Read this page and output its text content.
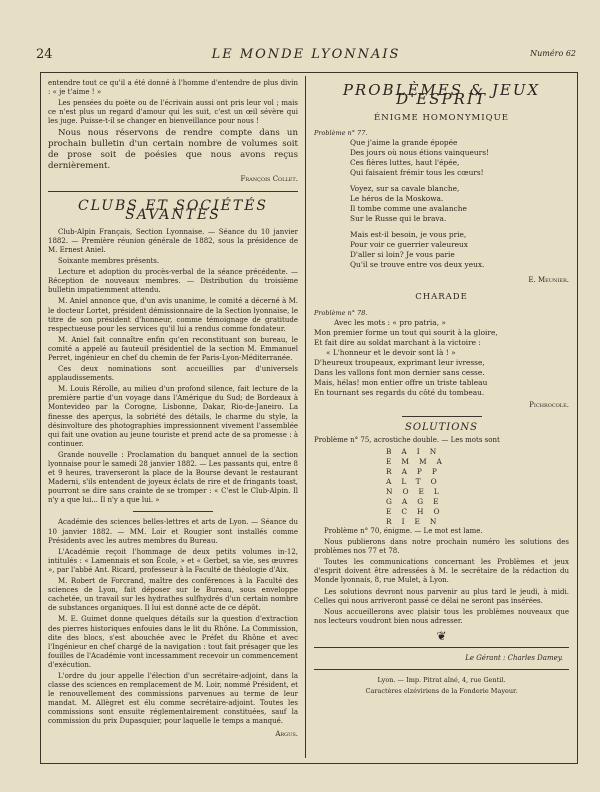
24	LE MONDE LYONNAIS	Numéro 62

entendre tout ce qu'il a été donné à l'homme d'entendre de plus divin : « je t'aime ! »

Les pensées du poète ou de l'écrivain aussi ont pris leur vol ; mais ce n'est plus un regard d'amour qui les suit, c'est un œil sévère qui les juge. Puisse-t-il se changer en bienveillance pour nous !

Nous nous réservons de rendre compte dans un prochain bulletin d'un certain nombre de volumes soit de prose soit de poésies que nous avons reçus dernièrement.

François Collet.
CLUBS ET SOCIÉTÉS SAVANTES

Club-Alpin Français, Section Lyonnaise. — Séance du 10 janvier 1882. — Première réunion générale de 1882, sous la présidence de M. Ernest Aniel.

Soixante membres présents.

Lecture et adoption du procès-verbal de la séance précédente. — Réception de nouveaux membres. — Distribution du troisième bulletin impatiemment attendu.

M. Aniel annonce que, d'un avis unanime, le comité a décerné à M. le docteur Lortet, président démissionnaire de la Section lyonnaise, le titre de son président d'honneur, comme témoignage de gratitude respectueuse pour les services qu'il lui a rendus comme fondateur.

M. Aniel fait connaître enfin qu'en reconstituant son bureau, le comité a appelé au fauteuil présidentiel de la section M. Emmanuel Perret, ingénieur en chef du chemin de fer Paris-Lyon-Méditerranée.

Ces deux nominations sont accueillies par d'universels applaudissements.

M. Louis Rérolle, au milieu d'un profond silence, fait lecture de la première partie d'un voyage dans l'Amérique du Sud; de Bordeaux à Montevideo par la Corogne, Lisbonne, Dakar, Rio-de-Janeiro. La finesse des aperçus, la sobriété des détails, le charme du style, la désinvolture des photographies impressionnent vivement l'assemblée qui fait une ovation au jeune touriste et prend acte de sa promesse : à continuer.

Grande nouvelle : Proclamation du banquet annuel de la section lyonnaise pour le samedi 28 janvier 1882. — Les passants qui, entre 8 et 9 heures, traverseront la place de la Bourse devant le restaurant Maderni, s'ils entendent de joyeux éclats de rire et de fringants toast, pourront se dire sans crainte de se tromper : « C'est le Club-Alpin. Il n'y a que lui... Il n'y a que lui. »

Académie des sciences belles-lettres et arts de Lyon. — Séance du 10 janvier 1882. — MM. Loir et Rougier sont installés comme Présidents avec les autres membres du Bureau.

L'Académie reçoit l'hommage de deux petits volumes in-12, intitulés : « Lamennais et son École, » et « Gerbet, sa vie, ses œuvres », par l'abbé Ant. Ricard, professeur à la Faculté de théologie d'Aix.

M. Robert de Forcrand, maître des conférences à la Faculté des sciences de Lyon, fait déposer sur le Bureau, sous enveloppe cachetée, un travail sur les hydrathes sulfhydrés d'un certain nombre de substances organiques. Il lui est donné acte de ce dépôt.

M. E. Guimet donne quelques détails sur la question d'extraction des pierres historiques enfouies dans le lit du Rhône. La Commission, dite des blocs, s'est abouchée avec le Préfet du Rhône et avec l'Ingénieur en chef chargé de la navigation : tout fait présager que les fouilles de l'Académie vont incessamment recevoir un commencement d'exécution.

L'ordre du jour appelle l'élection d'un secrétaire-adjoint, dans la classe des sciences en remplacement de M. Loir, nommé Président, et le renouvellement des commissions parvenues au terme de leur mandat. M. Allègret est élu comme secrétaire-adjoint. Toutes les commissions sont ensuite réglementairement constituées, sauf la commission du prix Dupasquier, pour laquelle le temps a manqué.

Argus.
PROBLÈMES & JEUX D'ESPRIT
ÉNIGME HOMONYMIQUE
Problème n° 77.
Que j'aime la grande épopée
Des jours où nous étions vainqueurs!
Ces fières luttes, haut l'épée,
Qui faisaient frémir tous les cœurs!
Voyez, sur sa cavale blanche,
Le héros de la Moskowa.
Il tombe comme une avalanche
Sur le Russe qui le brava.
Mais est-il besoin, je vous prie,
Pour voir ce guerrier valeureux
D'aller si loin? Je vous parie
Qu'il se trouve entre vos deux yeux.
E. Meunier.
CHARADE
Problème n° 78.
Avec les mots : « pro patria, »
Mon premier forme un tout qui sourit à la gloire,
Et fait dire au soldat marchant à la victoire :
« L'honneur et le devoir sont là ! »
D'heureux troupeaux, exprimant leur ivresse,
Dans les vallons font mon dernier sans cesse.
Mais, hélas! mon entier offre un triste tableau
En tournant ses regards du côté du tombeau.
Pichrocole.
SOLUTIONS

Problème n° 75, acrostiche double. — Les mots sont

BAIN
EMMA
RAPP
ALTO
NOEL
GAGE
ECHO
RIEN

Problème n° 70, énigme. — Le mot est lame.

Nous publierons dans notre prochain numéro les solutions des problèmes nos 77 et 78.

Toutes les communications concernant les Problèmes et jeux d'esprit doivent être adressées à M. le secrétaire de la rédaction du Monde lyonnais, 8, rue Mulet, à Lyon.

Les solutions devront nous parvenir au plus tard le jeudi, à midi. Celles qui nous arriveront passé ce délai ne seront pas insérées.

Nous accueillerons avec plaisir tous les problèmes nouveaux que nos lecteurs voudront bien nous adresser.

❦
Le Gérant : Charles Damey.
Lyon. — Imp. Pitrat aîné, 4, rue Gentil.
Caractères elzéviriens de la Fonderie Mayeur.
